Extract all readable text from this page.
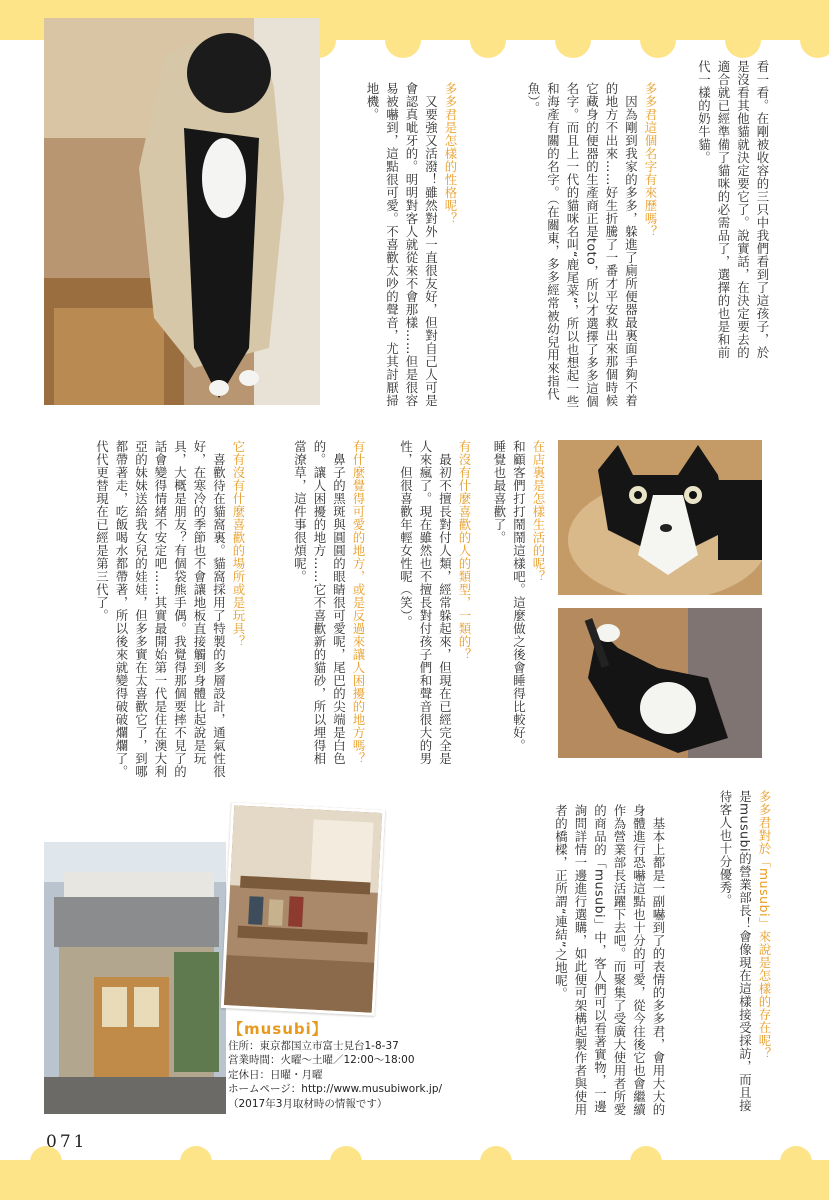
看一看。在剛被收容的三只中我們看到了這孩子，於

是沒看其他貓就決定要它了。說實話，在決定要去的

適合就已經準備了貓咪的必需品了，選擇的也是和前

代一樣的奶牛貓。

多多君這個名字有來歷嗎？

　因為剛到我家的多多，躲進了廁所便器最裏面手夠不着的地方不出來……好生折騰了一番才平安救出來那個時候它藏身的便器的生產商正是toto，所以才選擇了多多這個名字。而且上一代的貓咪名叫“鹿尾菜”，所以也想起一些和海產有關的名字。（在關東，多多經常被幼兒用來指代魚）。

多多君是怎樣的性格呢？

　又要強又活潑！雖然對外一直很友好，但對自己人可是會認真呲牙的。明明對客人就從來不會那樣……但是很容易被嚇到，這點很可愛。不喜歡太吵的聲音，尤其討厭掃地機。

在店裏是怎樣生活的呢？

和顧客們打打鬧鬧這樣吧。這麼做之後會睡得比較好。睡覺也最喜歡了。

有沒有什麼喜歡的人的類型，一類的？

　最初不擅長對付人類，經常躲起來，但現在已經完全是人來瘋了。現在雖然也不擅長對付孩子們和聲音很大的男性，但很喜歡年輕女性呢（笑）。

有什麼覺得可愛的地方，或是反過來讓人困擾的地方嗎？

　鼻子的黑斑與圓圓的眼睛很可愛呢，尾巴的尖端是白色的。讓人困擾的地方……它不喜歡新的貓砂，所以埋得相當潦草，這件事很煩呢。

它有沒有什麼喜歡的場所或是玩具？

　喜歡待在貓窩裏。貓窩採用了特製的多層設計，通氣性很好，在寒冷的季節也不會讓地板直接觸到身體比起說是玩具，大概是朋友？有個袋熊手偶。我覺得那個要摔不見了的話會變得情緒不安定吧……其實最開始第一代是住在澳大利亞的妹妹送給我女兒的娃娃，但多多實在太喜歡它了，到哪都帶著走，吃飯喝水都帶著，所以後來就變得破破爛爛了。代代更替現在已經是第三代了。

多多君對於「musubi」來說是怎樣的存在呢？

是musubi的營業部長！會像現在這樣接受採訪，而且接待客人也十分優秀。

　基本上都是一副嚇到了的表情的多多君，會用大大的身體進行恐嚇這點也十分的可愛，從今往後它也會繼續作為營業部長活躍下去吧。而聚集了受廣大使用者所愛的商品的「musubi」中，客人們可以看著實物，一邊詢問詳情一邊進行選購，如此便可架構起製作者與使用者的橋樑，正所謂“連結”之地呢。

【musubi】
住所：東京都国立市富士見台1-8-37
営業時間：火曜～土曜／12:00～18:00
定休日：日曜・月曜
ホームページ：http://www.musubiwork.jp/
（2017年3月取材時の情報です）
071
